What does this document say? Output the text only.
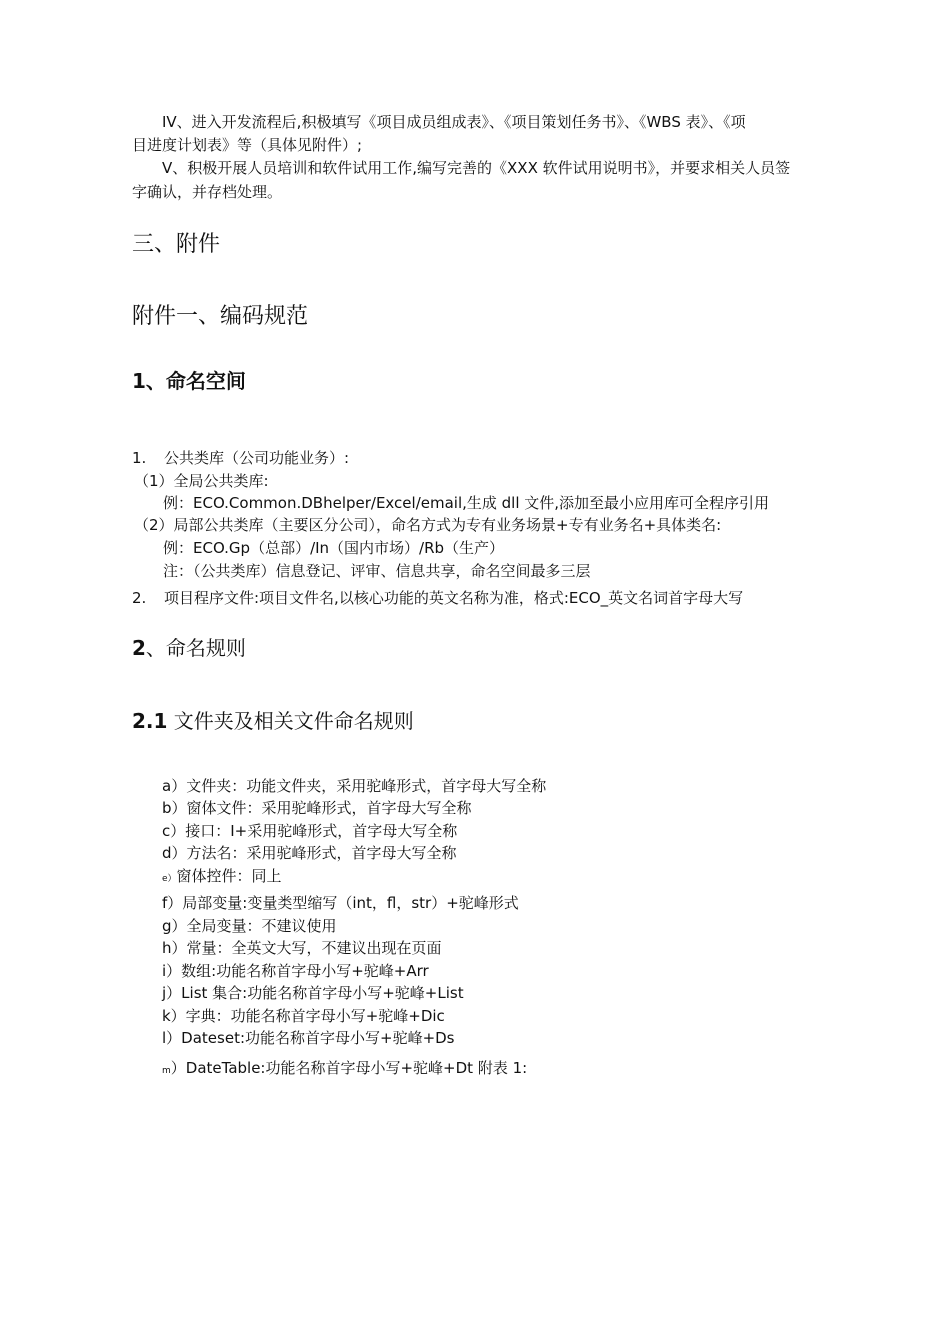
IV、进入开发流程后,积极填写《项目成员组成表》、《项目策划任务书》、《WBS 表》、《项
目进度计划表》等（具体见附件）;
V、积极开展人员培训和软件试用工作,编写完善的《XXX 软件试用说明书》，并要求相关人员签
字确认，并存档处理。
三、附件
附件一、编码规范
1、命名空间
1. 公共类库（公司功能业务）:
（1）全局公共类库:
例：ECO.Common.DBhelper/Excel/email,生成 dll 文件,添加至最小应用库可全程序引用
（2）局部公共类库（主要区分公司），命名方式为专有业务场景+专有业务名+具体类名:
例：ECO.Gp（总部）/In（国内市场）/Rb（生产）
注：（公共类库）信息登记、评审、信息共享，命名空间最多三层
2. 项目程序文件:项目文件名,以核心功能的英文名称为准，格式:ECO_英文名词首字母大写
2、命名规则
2.1 文件夹及相关文件命名规则
a）文件夹：功能文件夹，采用驼峰形式，首字母大写全称
b）窗体文件：采用驼峰形式，首字母大写全称
c）接口：I+采用驼峰形式，首字母大写全称
d）方法名：采用驼峰形式，首字母大写全称
e）窗体控件：同上
f）局部变量:变量类型缩写（int，fl，str）+驼峰形式
g）全局变量：不建议使用
h）常量：全英文大写，不建议出现在页面
i）数组:功能名称首字母小写+驼峰+Arr
j）List 集合:功能名称首字母小写+驼峰+List
k）字典：功能名称首字母小写+驼峰+Dic
l）Dateset:功能名称首字母小写+驼峰+Ds
m）DateTable:功能名称首字母小写+驼峰+Dt 附表 1:
